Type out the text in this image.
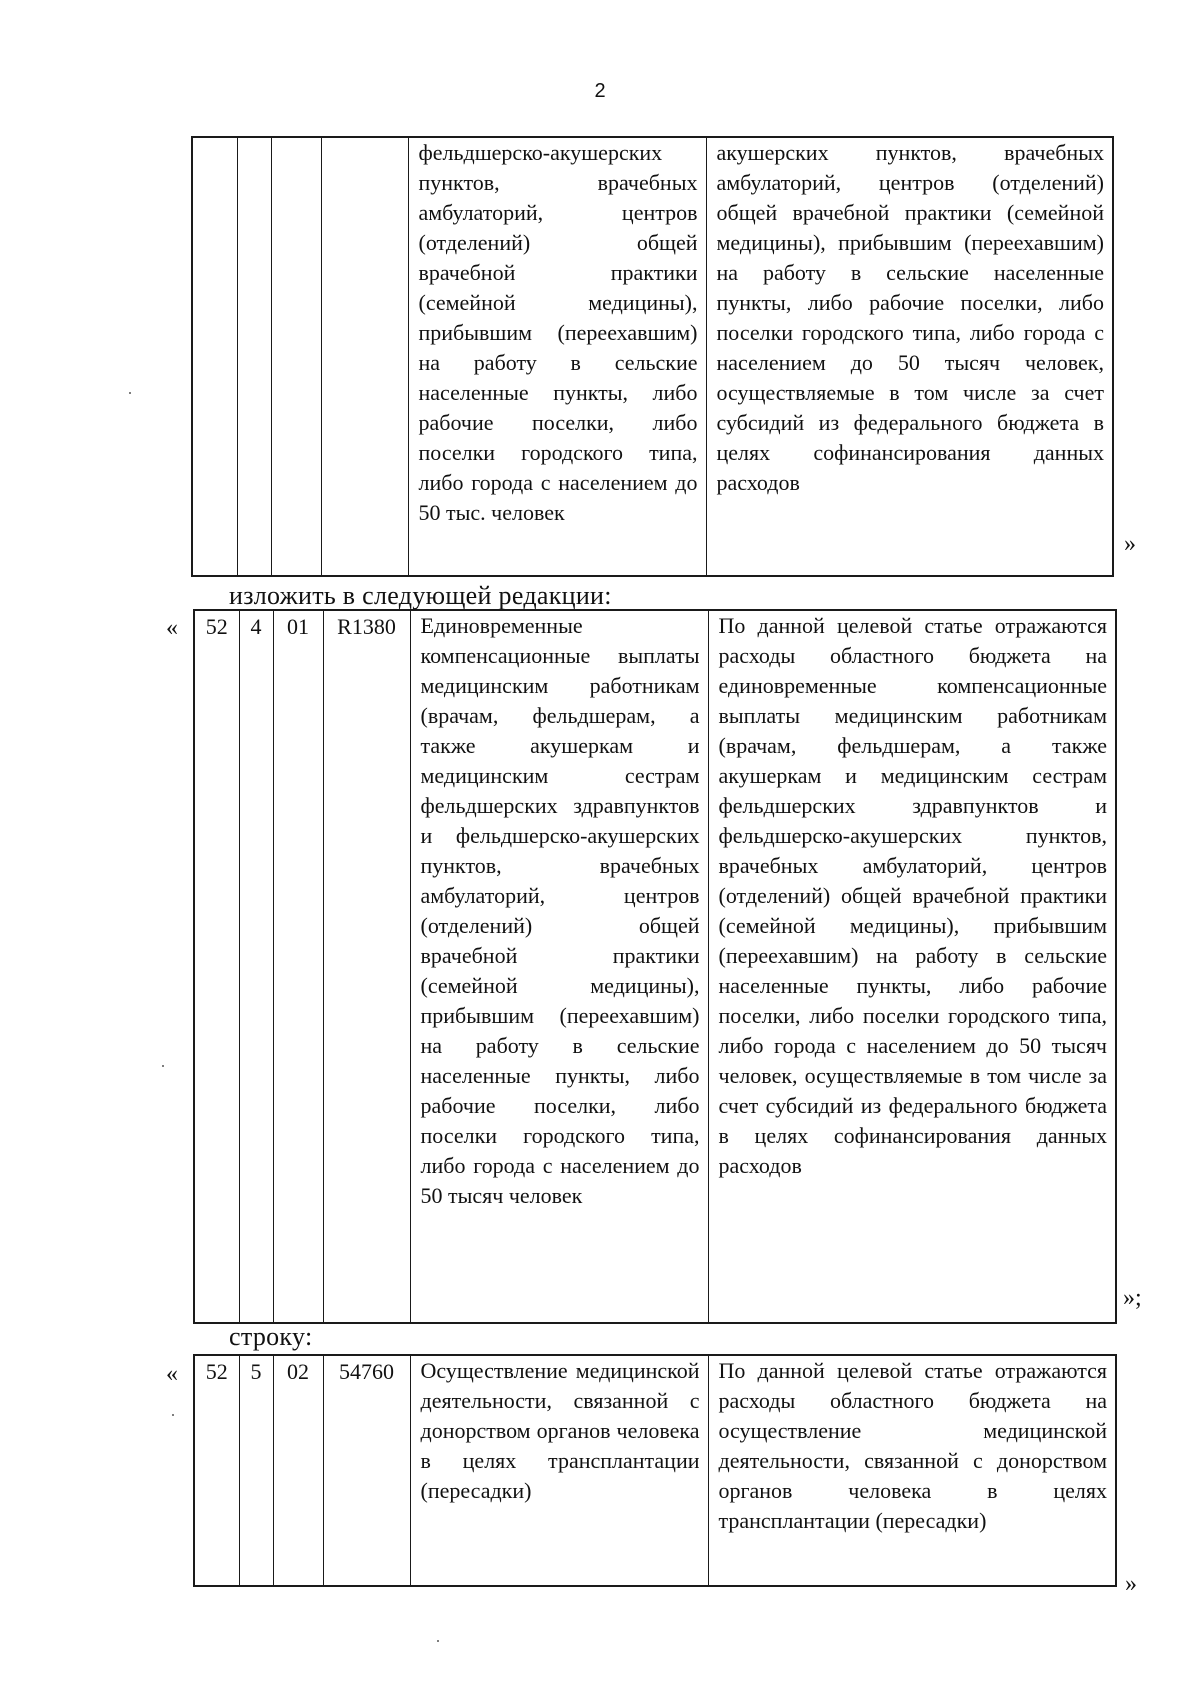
2
				фельдшерско-акушерских пунктов, врачебных амбулаторий, центров (отделений) общей врачебной практики (семейной медицины), прибывшим (переехавшим) на работу в сельские населенные пункты, либо рабочие поселки, либо поселки городского типа, либо города с населением до 50 тыс. человек	акушерских пунктов, врачебных амбулаторий, центров (отделений) общей врачебной практики (семейной медицины), прибывшим (переехавшим) на работу в сельские населенные пункты, либо рабочие поселки, либо поселки городского типа, либо города с населением до 50 тысяч человек, осуществляемые в том числе за счет субсидий из федерального бюджета в целях софинансирования данных расходов
»
изложить в следующей редакции:
« 52	4	01	R1380	Единовременные компенсационные выплаты медицинским работникам (врачам, фельдшерам, а также акушеркам и медицинским сестрам фельдшерских здравпунктов и фельдшерско-акушерских пунктов, врачебных амбулаторий, центров (отделений) общей врачебной практики (семейной медицины), прибывшим (переехавшим) на работу в сельские населенные пункты, либо рабочие поселки, либо поселки городского типа, либо города с населением до 50 тысяч человек	По данной целевой статье отражаются расходы областного бюджета на единовременные компенсационные выплаты медицинским работникам (врачам, фельдшерам, а также акушеркам и медицинским сестрам фельдшерских здравпунктов и фельдшерско-акушерских пунктов, врачебных амбулаторий, центров (отделений) общей врачебной практики (семейной медицины), прибывшим (переехавшим) на работу в сельские населенные пункты, либо рабочие поселки, либо поселки городского типа, либо города с населением до 50 тысяч человек, осуществляемые в том числе за счет субсидий из федерального бюджета в целях софинансирования данных расходов
»;
строку:
« 52	5	02	54760	Осуществление медицинской деятельности, связанной с донорством органов человека в целях трансплантации (пересадки)	По данной целевой статье отражаются расходы областного бюджета на осуществление медицинской деятельности, связанной с донорством органов человека в целях трансплантации (пересадки)
»
